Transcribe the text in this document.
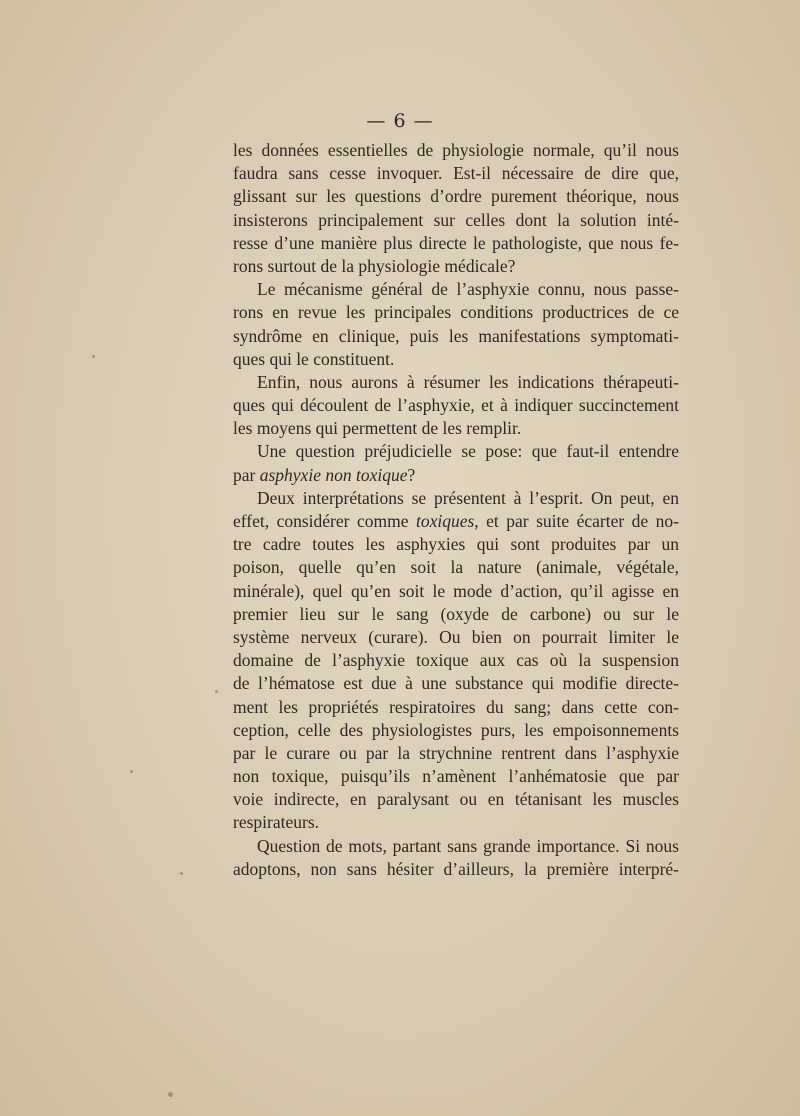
— 6 —
les données essentielles de physiologie normale, qu’il nous
faudra sans cesse invoquer. Est-il nécessaire de dire que,
glissant sur les questions d’ordre purement théorique, nous
insisterons principalement sur celles dont la solution inté-
resse d’une manière plus directe le pathologiste, que nous fe-
rons surtout de la physiologie médicale?
Le mécanisme général de l’asphyxie connu, nous passe-
rons en revue les principales conditions productrices de ce
syndrôme en clinique, puis les manifestations symptomati-
ques qui le constituent.
Enfin, nous aurons à résumer les indications thérapeuti-
ques qui découlent de l’asphyxie, et à indiquer succinctement
les moyens qui permettent de les remplir.
Une question préjudicielle se pose: que faut-il entendre
par asphyxie non toxique?
Deux interprétations se présentent à l’esprit. On peut, en
effet, considérer comme toxiques, et par suite écarter de no-
tre cadre toutes les asphyxies qui sont produites par un
poison, quelle qu’en soit la nature (animale, végétale,
minérale), quel qu’en soit le mode d’action, qu’il agisse en
premier lieu sur le sang (oxyde de carbone) ou sur le
système nerveux (curare). Ou bien on pourrait limiter le
domaine de l’asphyxie toxique aux cas où la suspension
de l’hématose est due à une substance qui modifie directe-
ment les propriétés respiratoires du sang; dans cette con-
ception, celle des physiologistes purs, les empoisonnements
par le curare ou par la strychnine rentrent dans l’asphyxie
non toxique, puisqu’ils n’amènent l’anhématosie que par
voie indirecte, en paralysant ou en tétanisant les muscles
respirateurs.
Question de mots, partant sans grande importance. Si nous
adoptons, non sans hésiter d’ailleurs, la première interpré-
